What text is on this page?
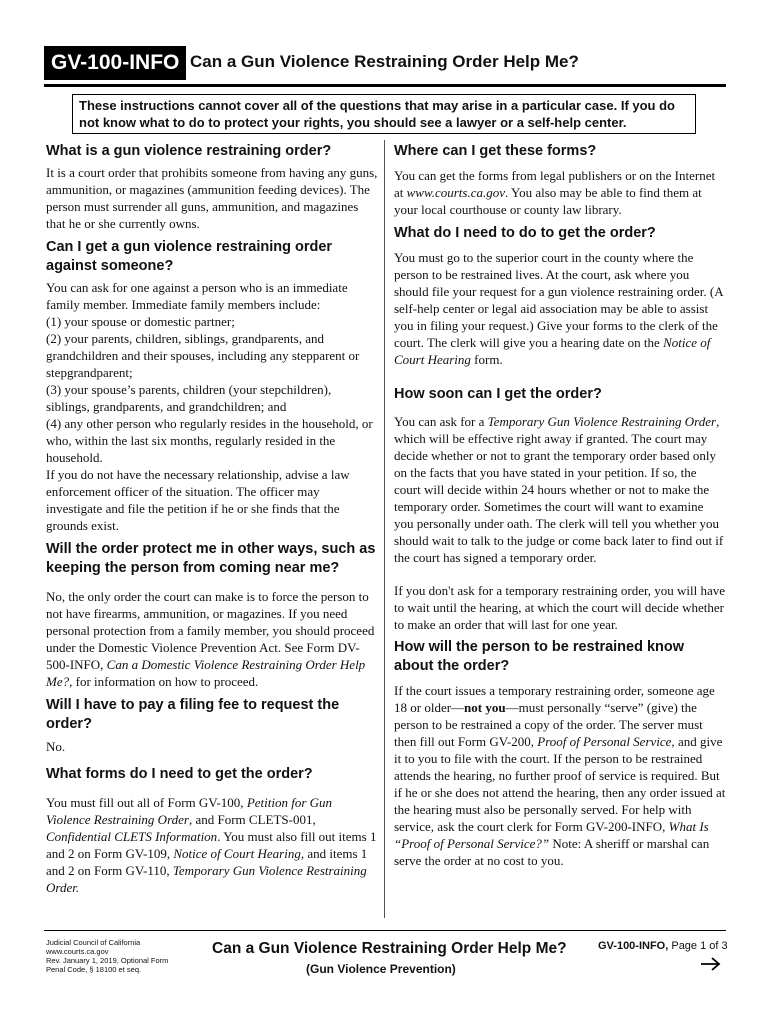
GV-100-INFO Can a Gun Violence Restraining Order Help Me?
These instructions cannot cover all of the questions that may arise in a particular case. If you do not know what to do to protect your rights, you should see a lawyer or a self-help center.
What is a gun violence restraining order?

It is a court order that prohibits someone from having any guns, ammunition, or magazines (ammunition feeding devices). The person must surrender all guns, ammunition, and magazines that he or she currently owns.

Can I get a gun violence restraining order against someone?

You can ask for one against a person who is an immediate family member. Immediate family members include:
(1) your spouse or domestic partner;
(2) your parents, children, siblings, grandparents, and grandchildren and their spouses, including any stepparent or stepgrandparent;
(3) your spouse’s parents, children (your stepchildren), siblings, grandparents, and grandchildren; and
(4) any other person who regularly resides in the household, or who, within the last six months, regularly resided in the household.
If you do not have the necessary relationship, advise a law enforcement officer of the situation. The officer may investigate and file the petition if he or she finds that the grounds exist.

Will the order protect me in other ways, such as keeping the person from coming near me?

No, the only order the court can make is to force the person to not have firearms, ammunition, or magazines. If you need personal protection from a family member, you should proceed under the Domestic Violence Prevention Act. See Form DV-500-INFO, Can a Domestic Violence Restraining Order Help Me?, for information on how to proceed.

Will I have to pay a filing fee to request the order?

No.

What forms do I need to get the order?

You must fill out all of Form GV-100, Petition for Gun Violence Restraining Order, and Form CLETS-001, Confidential CLETS Information. You must also fill out items 1 and 2 on Form GV-109, Notice of Court Hearing, and items 1 and 2 on Form GV-110, Temporary Gun Violence Restraining Order.

Where can I get these forms?

You can get the forms from legal publishers or on the Internet at www.courts.ca.gov. You also may be able to find them at your local courthouse or county law library.

What do I need to do to get the order?

You must go to the superior court in the county where the person to be restrained lives. At the court, ask where you should file your request for a gun violence restraining order. (A self-help center or legal aid association may be able to assist you in filing your request.) Give your forms to the clerk of the court. The clerk will give you a hearing date on the Notice of Court Hearing form.

How soon can I get the order?

You can ask for a Temporary Gun Violence Restraining Order, which will be effective right away if granted. The court may decide whether or not to grant the temporary order based only on the facts that you have stated in your petition. If so, the court will decide within 24 hours whether or not to make the temporary order. Sometimes the court will want to examine you personally under oath. The clerk will tell you whether you should wait to talk to the judge or come back later to find out if the court has signed a temporary order.

If you don't ask for a temporary restraining order, you will have to wait until the hearing, at which the court will decide whether to make an order that will last for one year.

How will the person to be restrained know about the order?

If the court issues a temporary restraining order, someone age 18 or older—not you—must personally “serve” (give) the person to be restrained a copy of the order. The server must then fill out Form GV-200, Proof of Personal Service, and give it to you to file with the court. If the person to be restrained attends the hearing, no further proof of service is required. But if he or she does not attend the hearing, then any order issued at the hearing must also be personally served. For help with service, ask the court clerk for Form GV-200-INFO, What Is “Proof of Personal Service?” Note: A sheriff or marshal can serve the order at no cost to you.

Judicial Council of California
www.courts.ca.gov
Rev. January 1, 2019, Optional Form
Penal Code, § 18100 et seq.
Can a Gun Violence Restraining Order Help Me?
(Gun Violence Prevention)
GV-100-INFO, Page 1 of 3
